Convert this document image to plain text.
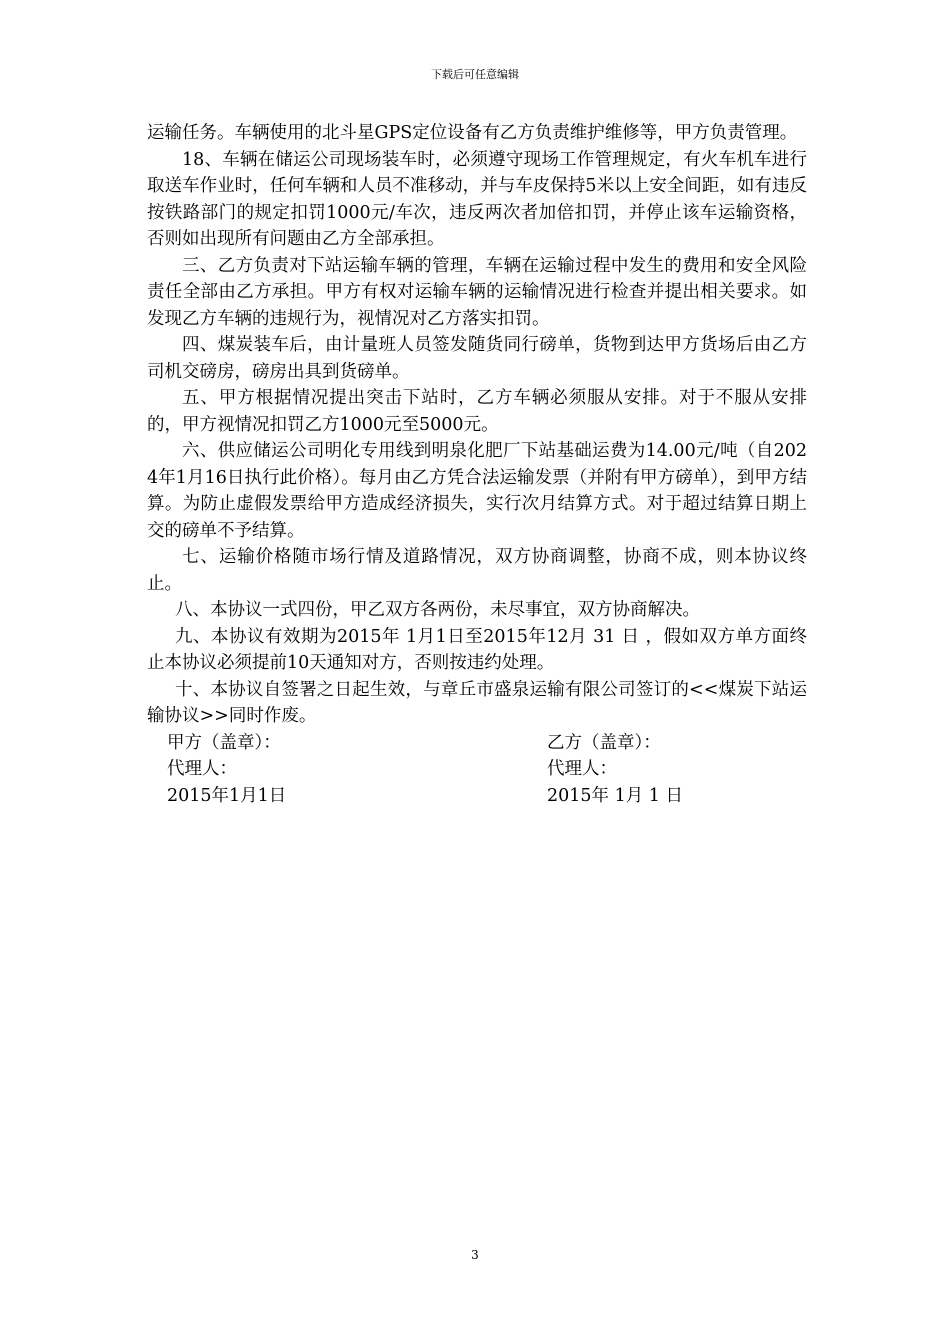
下载后可任意编辑

运输任务。车辆使用的北斗星GPS定位设备有乙方负责维护维修等，甲方负责管理。

18、车辆在储运公司现场装车时，必须遵守现场工作管理规定，有火车机车进行取送车作业时，任何车辆和人员不准移动，并与车皮保持5米以上安全间距，如有违反按铁路部门的规定扣罚1000元/车次，违反两次者加倍扣罚，并停止该车运输资格，否则如出现所有问题由乙方全部承担。

三、乙方负责对下站运输车辆的管理，车辆在运输过程中发生的费用和安全风险责任全部由乙方承担。甲方有权对运输车辆的运输情况进行检查并提出相关要求。如发现乙方车辆的违规行为，视情况对乙方落实扣罚。

四、煤炭装车后，由计量班人员签发随货同行磅单，货物到达甲方货场后由乙方司机交磅房，磅房出具到货磅单。

五、甲方根据情况提出突击下站时，乙方车辆必须服从安排。对于不服从安排的，甲方视情况扣罚乙方1000元至5000元。

六、供应储运公司明化专用线到明泉化肥厂下站基础运费为14.00元/吨（自2024年1月16日执行此价格）。每月由乙方凭合法运输发票（并附有甲方磅单），到甲方结算。为防止虚假发票给甲方造成经济损失，实行次月结算方式。对于超过结算日期上交的磅单不予结算。

七、运输价格随市场行情及道路情况，双方协商调整，协商不成，则本协议终止。

八、本协议一式四份，甲乙双方各两份，未尽事宜，双方协商解决。

九、本协议有效期为2015年 1月1日至2015年12月 31 日 ，假如双方单方面终止本协议必须提前10天通知对方，否则按违约处理。

十、本协议自签署之日起生效，与章丘市盛泉运输有限公司签订的<<煤炭下站运输协议>>同时作废。

甲方（盖章）：	乙方（盖章）：
代理人：	代理人：
2015年1月1日	2015年 1月 1 日
3
